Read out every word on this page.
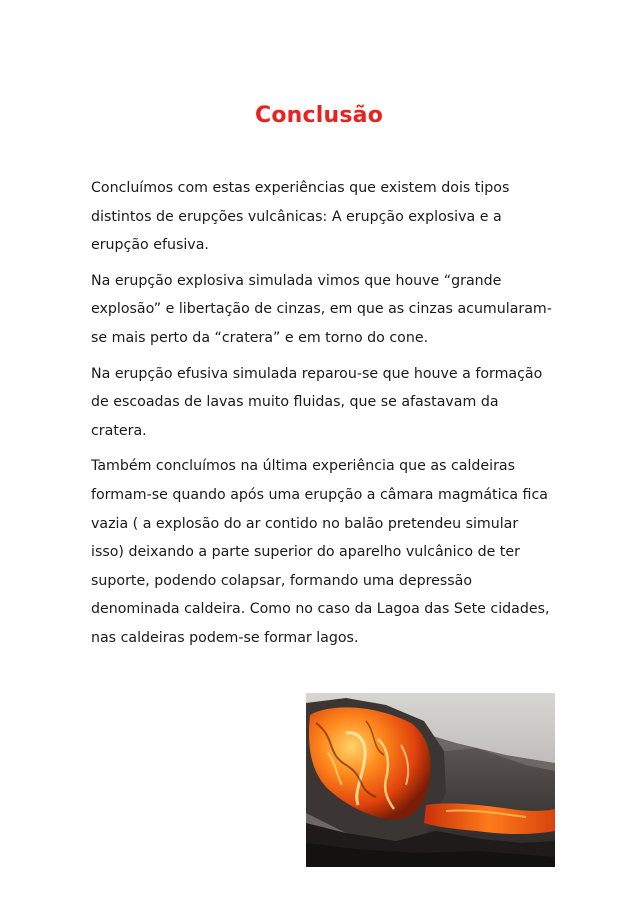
Conclusão

Concluímos com estas experiências que existem dois tipos distintos de erupções vulcânicas: A erupção explosiva e a erupção efusiva.

Na erupção explosiva simulada vimos que houve “grande explosão” e libertação de cinzas, em que as cinzas acumularam-se mais perto da “cratera” e em torno do cone.

Na erupção efusiva simulada reparou-se que houve a formação de escoadas de lavas muito fluidas, que se afastavam da cratera.

Também concluímos na última experiência que as caldeiras formam-se quando após uma erupção a câmara magmática fica vazia ( a explosão do ar contido no balão pretendeu simular isso) deixando a parte superior do aparelho vulcânico de ter suporte, podendo colapsar, formando uma depressão denominada caldeira. Como no caso da Lagoa das Sete cidades, nas caldeiras podem-se formar lagos.
